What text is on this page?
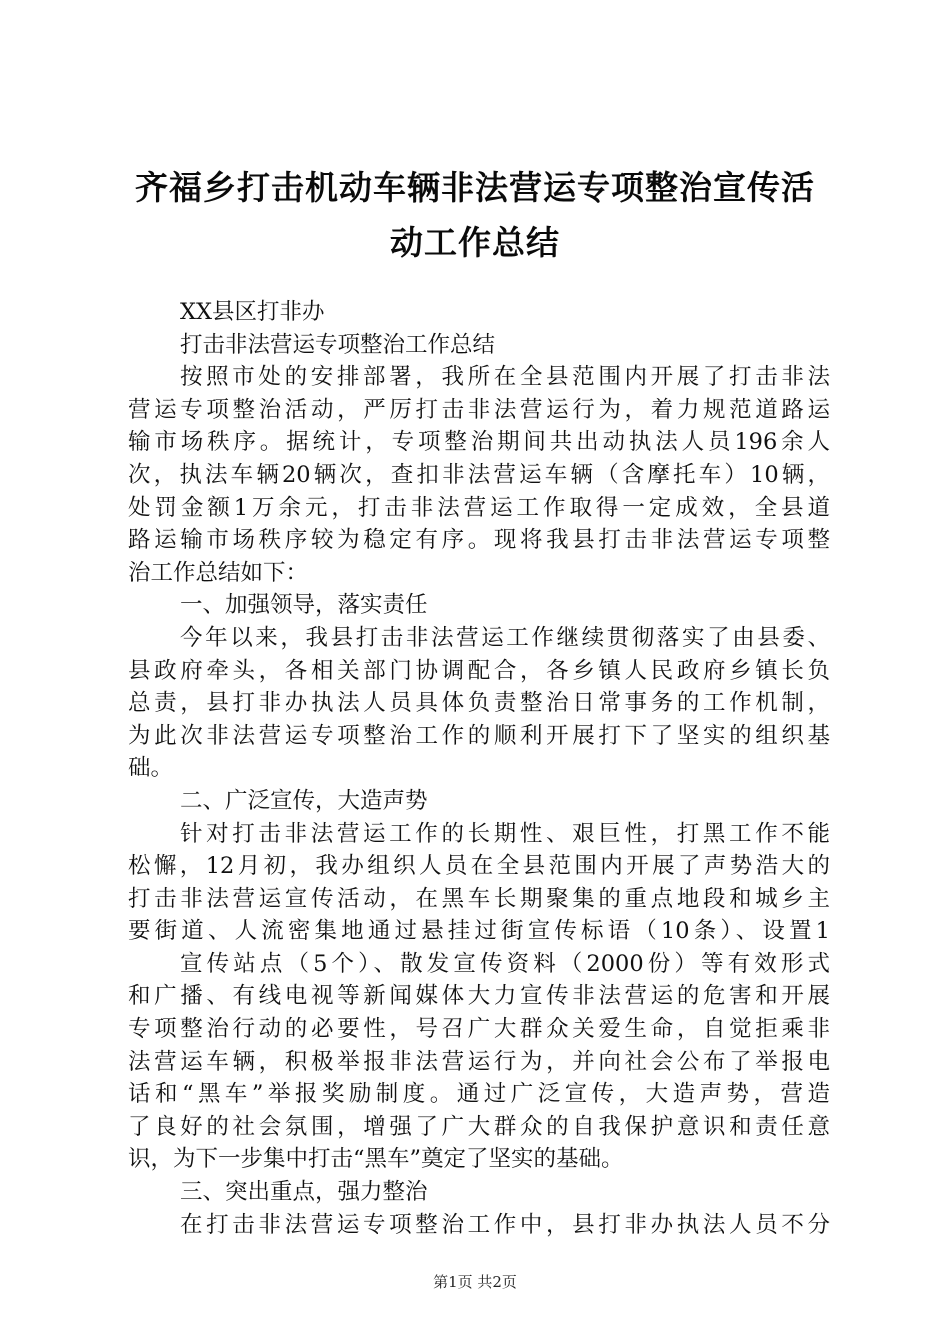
齐福乡打击机动车辆非法营运专项整治宣传活
动工作总结
XX县区打非办
打击非法营运专项整治工作总结
按照市处的安排部署，我所在全县范围内开展了打击非法
营运专项整治活动，严厉打击非法营运行为，着力规范道路运
输市场秩序。据统计，专项整治期间共出动执法人员196余人
次，执法车辆20辆次，查扣非法营运车辆（含摩托车）10辆，
处罚金额1万余元，打击非法营运工作取得一定成效，全县道
路运输市场秩序较为稳定有序。现将我县打击非法营运专项整
治工作总结如下：
一、加强领导，落实责任
今年以来，我县打击非法营运工作继续贯彻落实了由县委、
县政府牵头，各相关部门协调配合，各乡镇人民政府乡镇长负
总责，县打非办执法人员具体负责整治日常事务的工作机制，
为此次非法营运专项整治工作的顺利开展打下了坚实的组织基
础。
二、广泛宣传，大造声势
针对打击非法营运工作的长期性、艰巨性，打黑工作不能
松懈，12月初，我办组织人员在全县范围内开展了声势浩大的
打击非法营运宣传活动，在黑车长期聚集的重点地段和城乡主
要街道、人流密集地通过悬挂过街宣传标语（10条）、设置1
宣传站点（5个）、散发宣传资料（2000份）等有效形式
和广播、有线电视等新闻媒体大力宣传非法营运的危害和开展
专项整治行动的必要性，号召广大群众关爱生命，自觉拒乘非
法营运车辆，积极举报非法营运行为，并向社会公布了举报电
话和“黑车”举报奖励制度。通过广泛宣传，大造声势，营造
了良好的社会氛围，增强了广大群众的自我保护意识和责任意
识，为下一步集中打击“黑车”奠定了坚实的基础。
三、突出重点，强力整治
在打击非法营运专项整治工作中，县打非办执法人员不分
第1页 共2页
